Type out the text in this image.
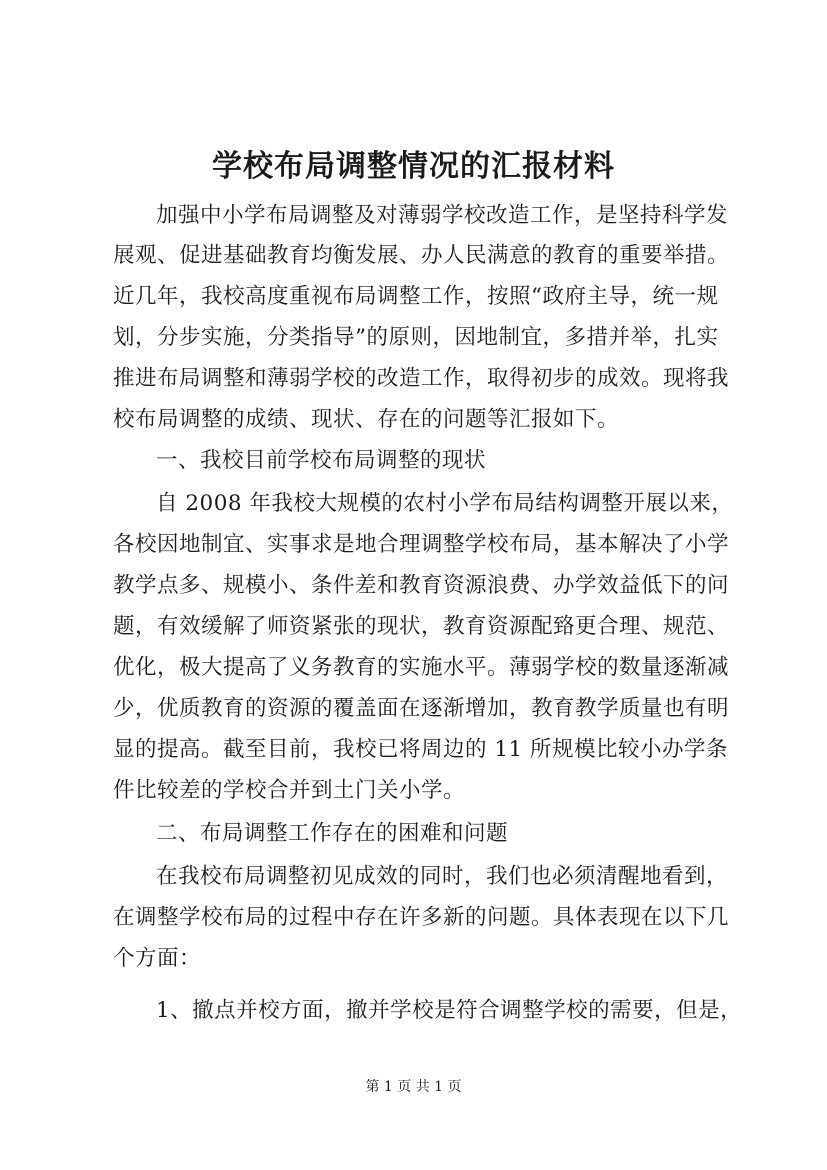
学校布局调整情况的汇报材料
加强中小学布局调整及对薄弱学校改造工作，是坚持科学发
展观、促进基础教育均衡发展、办人民满意的教育的重要举措。
近几年，我校高度重视布局调整工作，按照“政府主导，统一规
划，分步实施，分类指导”的原则，因地制宜，多措并举，扎实
推进布局调整和薄弱学校的改造工作，取得初步的成效。现将我
校布局调整的成绩、现状、存在的问题等汇报如下。
一、我校目前学校布局调整的现状
自 2008 年我校大规模的农村小学布局结构调整开展以来，
各校因地制宜、实事求是地合理调整学校布局，基本解决了小学
教学点多、规模小、条件差和教育资源浪费、办学效益低下的问
题，有效缓解了师资紧张的现状，教育资源配臵更合理、规范、
优化，极大提高了义务教育的实施水平。薄弱学校的数量逐渐减
少，优质教育的资源的覆盖面在逐渐增加，教育教学质量也有明
显的提高。截至目前，我校已将周边的 11 所规模比较小办学条
件比较差的学校合并到土门关小学。
二、布局调整工作存在的困难和问题
在我校布局调整初见成效的同时，我们也必须清醒地看到，
在调整学校布局的过程中存在许多新的问题。具体表现在以下几
个方面：
1、撤点并校方面，撤并学校是符合调整学校的需要，但是，
第 1 页 共 1 页
